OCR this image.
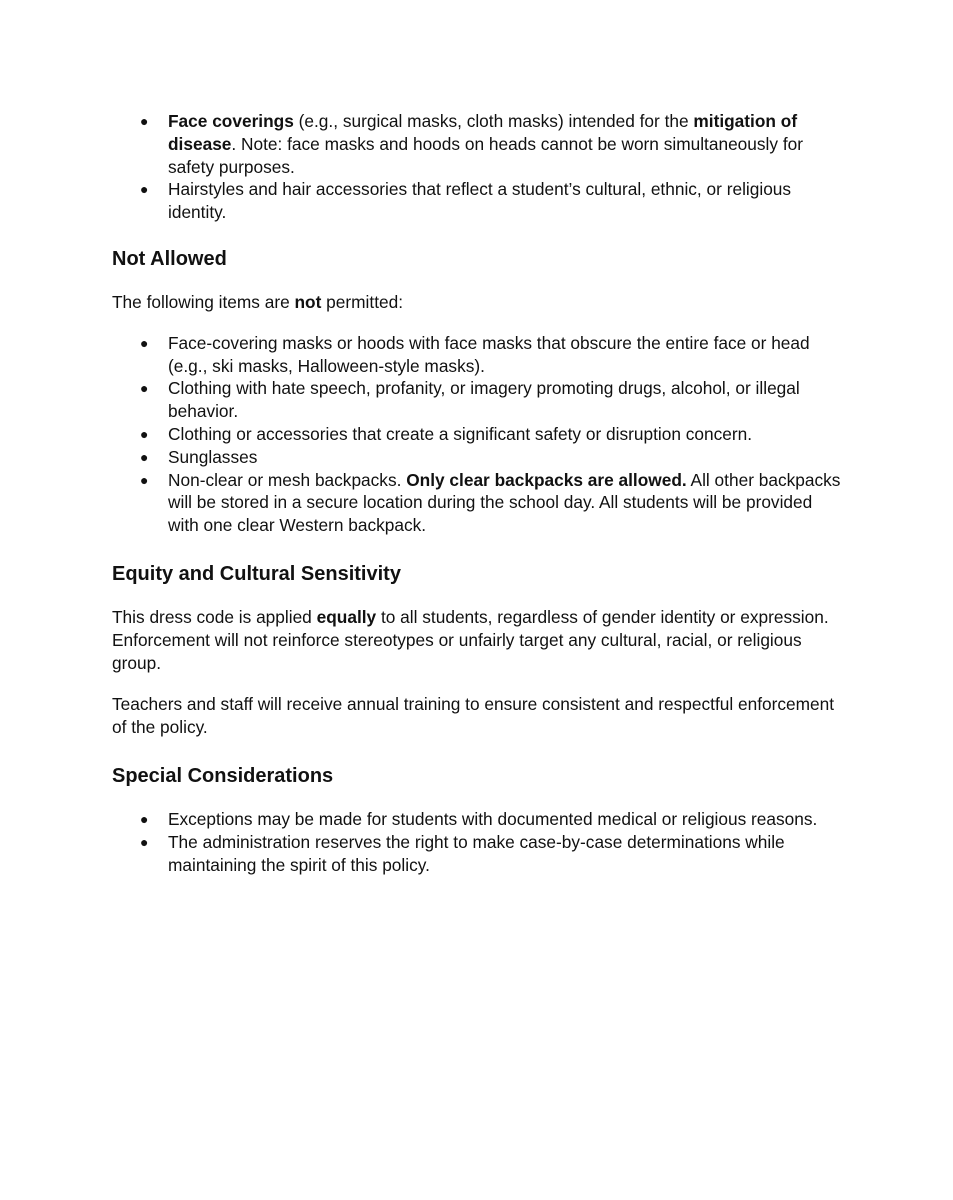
●	Face coverings (e.g., surgical masks, cloth masks) intended for the mitigation of disease. Note: face masks and hoods on heads cannot be worn simultaneously for safety purposes.
●	Hairstyles and hair accessories that reflect a student’s cultural, ethnic, or religious identity.
Not Allowed

The following items are not permitted:

●	Face-covering masks or hoods with face masks that obscure the entire face or head (e.g., ski masks, Halloween-style masks).
●	Clothing with hate speech, profanity, or imagery promoting drugs, alcohol, or illegal behavior.
●	Clothing or accessories that create a significant safety or disruption concern.
●	Sunglasses
●	Non-clear or mesh backpacks. Only clear backpacks are allowed. All other backpacks will be stored in a secure location during the school day. All students will be provided with one clear Western backpack.
Equity and Cultural Sensitivity

This dress code is applied equally to all students, regardless of gender identity or expression. Enforcement will not reinforce stereotypes or unfairly target any cultural, racial, or religious group.

Teachers and staff will receive annual training to ensure consistent and respectful enforcement of the policy.

Special Considerations
●	Exceptions may be made for students with documented medical or religious reasons.
●	The administration reserves the right to make case-by-case determinations while maintaining the spirit of this policy.
